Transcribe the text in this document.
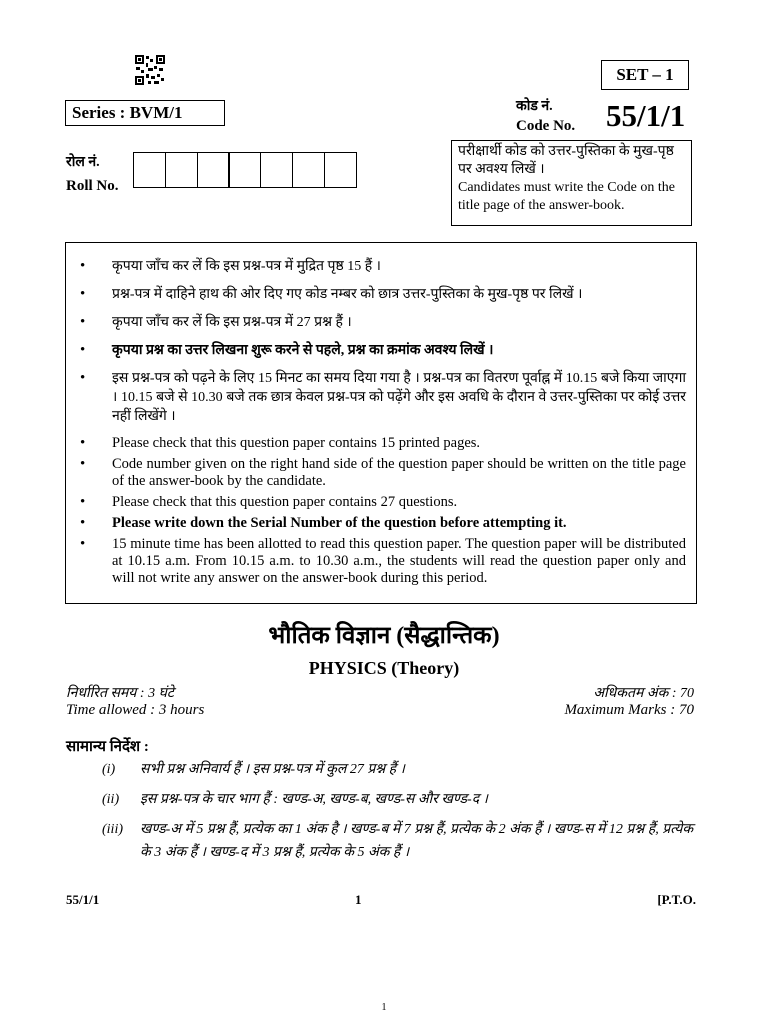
SET – 1
Series : BVM/1	कोड नं.
Code No. 55/1/1
रोल नं.
Roll No.
परीक्षार्थी कोड को उत्तर-पुस्तिका के मुख-पृष्ठ पर अवश्य लिखें ।
Candidates must write the Code on the title page of the answer-book.
•	कृपया जाँच कर लें कि इस प्रश्न-पत्र में मुद्रित पृष्ठ 15 हैं ।
•	प्रश्न-पत्र में दाहिने हाथ की ओर दिए गए कोड नम्बर को छात्र उत्तर-पुस्तिका के मुख-पृष्ठ पर लिखें ।
•	कृपया जाँच कर लें कि इस प्रश्न-पत्र में 27 प्रश्न हैं ।
•	कृपया प्रश्न का उत्तर लिखना शुरू करने से पहले, प्रश्न का क्रमांक अवश्य लिखें ।
•	इस प्रश्न-पत्र को पढ़ने के लिए 15 मिनट का समय दिया गया है । प्रश्न-पत्र का वितरण पूर्वाह्न में 10.15 बजे किया जाएगा । 10.15 बजे से 10.30 बजे तक छात्र केवल प्रश्न-पत्र को पढ़ेंगे और इस अवधि के दौरान वे उत्तर-पुस्तिका पर कोई उत्तर नहीं लिखेंगे ।
•	Please check that this question paper contains 15 printed pages.
•	Code number given on the right hand side of the question paper should be written on the title page of the answer-book by the candidate.
•	Please check that this question paper contains 27 questions.
•	Please write down the Serial Number of the question before attempting it.
•	15 minute time has been allotted to read this question paper. The question paper will be distributed at 10.15 a.m. From 10.15 a.m. to 10.30 a.m., the students will read the question paper only and will not write any answer on the answer-book during this period.
भौतिक विज्ञान (सैद्धान्तिक)
PHYSICS (Theory)
निर्धारित समय : 3 घंटे
Time allowed : 3 hours
अधिकतम अंक : 70
Maximum Marks : 70
सामान्य निर्देश :
(i)	सभी प्रश्न अनिवार्य हैं । इस प्रश्न-पत्र में कुल 27 प्रश्न हैं ।
(ii)	इस प्रश्न-पत्र के चार भाग हैं : खण्ड-अ, खण्ड-ब, खण्ड-स और खण्ड-द ।
(iii)	खण्ड-अ में 5 प्रश्न हैं, प्रत्येक का 1 अंक है । खण्ड-ब में 7 प्रश्न हैं, प्रत्येक के 2 अंक हैं । खण्ड-स में 12 प्रश्न हैं, प्रत्येक के 3 अंक हैं । खण्ड-द में 3 प्रश्न हैं, प्रत्येक के 5 अंक हैं ।
55/1/1	1	[P.T.O.
1
